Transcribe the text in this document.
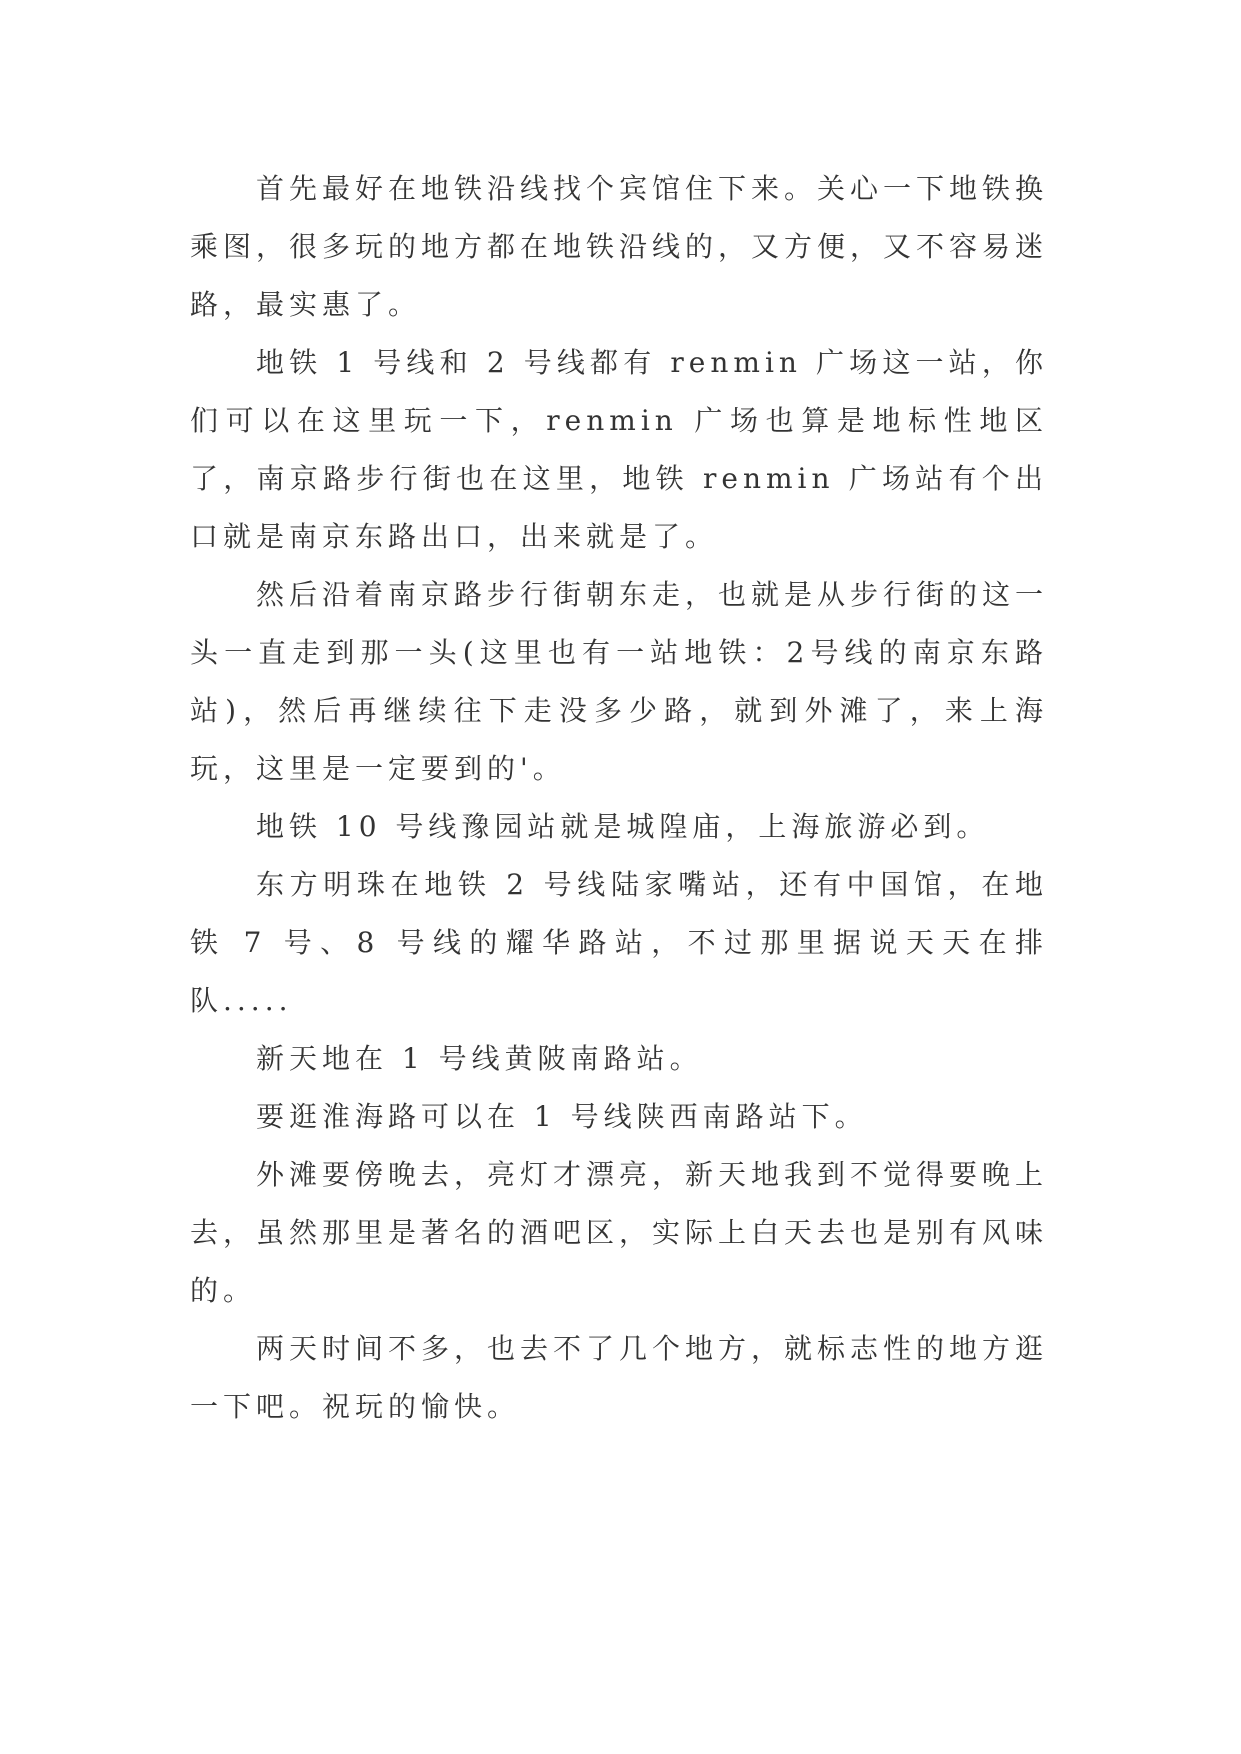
首先最好在地铁沿线找个宾馆住下来。关心一下地铁换乘图，很多玩的地方都在地铁沿线的，又方便，又不容易迷路，最实惠了。

地铁 1 号线和 2 号线都有 renmin 广场这一站，你们可以在这里玩一下，renmin 广场也算是地标性地区了，南京路步行街也在这里，地铁 renmin 广场站有个出口就是南京东路出口，出来就是了。

然后沿着南京路步行街朝东走，也就是从步行街的这一头一直走到那一头(这里也有一站地铁：2号线的南京东路站)，然后再继续往下走没多少路，就到外滩了，来上海玩，这里是一定要到的'。

地铁 10 号线豫园站就是城隍庙，上海旅游必到。

东方明珠在地铁 2 号线陆家嘴站，还有中国馆，在地铁 7 号、8 号线的耀华路站，不过那里据说天天在排队.....

新天地在 1 号线黄陂南路站。

要逛淮海路可以在 1 号线陕西南路站下。

外滩要傍晚去，亮灯才漂亮，新天地我到不觉得要晚上去，虽然那里是著名的酒吧区，实际上白天去也是别有风味的。

两天时间不多，也去不了几个地方，就标志性的地方逛一下吧。祝玩的愉快。
